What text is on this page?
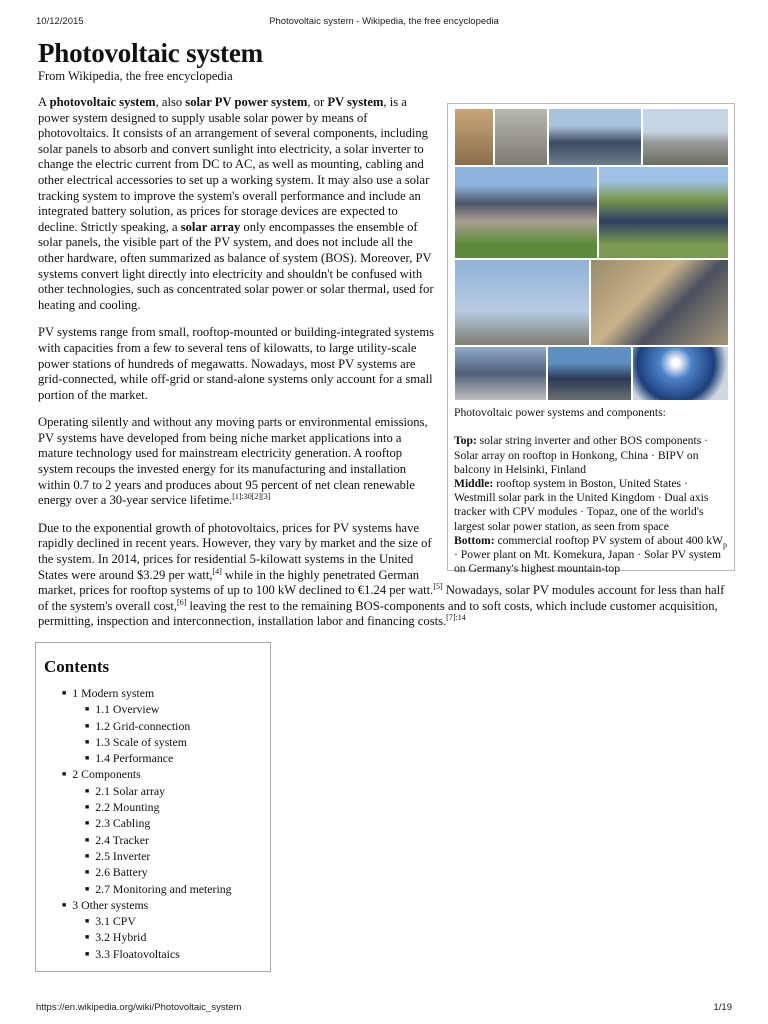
10/12/2015	Photovoltaic system - Wikipedia, the free encyclopedia
Photovoltaic system
From Wikipedia, the free encyclopedia
Photovoltaic power systems and components:

Top: solar string inverter and other BOS components · Solar array on rooftop in Honkong, China · BIPV on balcony in Helsinki, Finland
Middle: rooftop system in Boston, United States · Westmill solar park in the United Kingdom · Dual axis tracker with CPV modules · Topaz, one of the world's largest solar power station, as seen from space
Bottom: commercial rooftop PV system of about 400 $kW_p$ · Power plant on Mt. Komekura, Japan · Solar PV system on Germany's highest mountain-top

A photovoltaic system, also solar PV power system, or PV system, is a power system designed to supply usable solar power by means of photovoltaics. It consists of an arrangement of several components, including solar panels to absorb and convert sunlight into electricity, a solar inverter to change the electric current from DC to AC, as well as mounting, cabling and other electrical accessories to set up a working system. It may also use a solar tracking system to improve the system's overall performance and include an integrated battery solution, as prices for storage devices are expected to decline. Strictly speaking, a solar array only encompasses the ensemble of solar panels, the visible part of the PV system, and does not include all the other hardware, often summarized as balance of system (BOS). Moreover, PV systems convert light directly into electricity and shouldn't be confused with other technologies, such as concentrated solar power or solar thermal, used for heating and cooling.

PV systems range from small, rooftop-mounted or building-integrated systems with capacities from a few to several tens of kilowatts, to large utility-scale power stations of hundreds of megawatts. Nowadays, most PV systems are grid-connected, while off-grid or stand-alone systems only account for a small portion of the market.

Operating silently and without any moving parts or environmental emissions, PV systems have developed from being niche market applications into a mature technology used for mainstream electricity generation. A rooftop system recoups the invested energy for its manufacturing and installation within 0.7 to 2 years and produces about 95 percent of net clean renewable energy over a 30-year service lifetime.[1]:30[2][3]

Due to the exponential growth of photovoltaics, prices for PV systems have rapidly declined in recent years. However, they vary by market and the size of the system. In 2014, prices for residential 5-kilowatt systems in the United States were around $3.29 per watt,[4] while in the highly penetrated German market, prices for rooftop systems of up to 100 kW declined to €1.24 per watt.[5] Nowadays, solar PV modules account for less than half of the system's overall cost,[6] leaving the rest to the remaining BOS-components and to soft costs, which include customer acquisition, permitting, inspection and interconnection, installation labor and financing costs.$^{[7]:14}$

Contents
■ 1 Modern system
■ 1.1 Overview
■ 1.2 Grid-connection
■ 1.3 Scale of system
■ 1.4 Performance
■ 2 Components
■ 2.1 Solar array
■ 2.2 Mounting
■ 2.3 Cabling
■ 2.4 Tracker
■ 2.5 Inverter
■ 2.6 Battery
■ 2.7 Monitoring and metering
■ 3 Other systems
■ 3.1 CPV
■ 3.2 Hybrid
■ 3.3 Floatovoltaics
https://en.wikipedia.org/wiki/Photovoltaic_system	1/19
